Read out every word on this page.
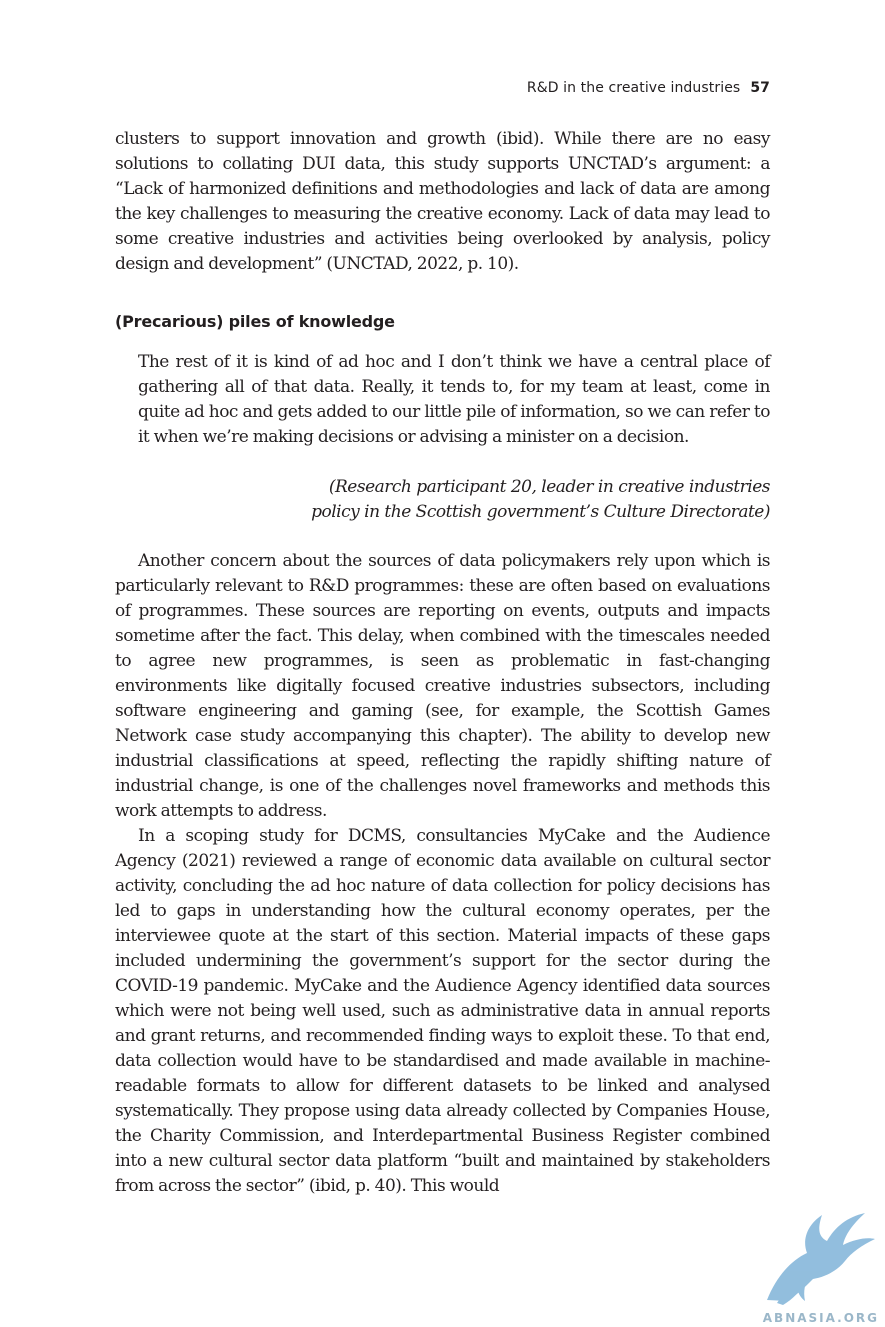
R&D in the creative industries 57

clusters to support innovation and growth (ibid). While there are no easy solutions to collating DUI data, this study supports UNCTAD’s argument: a “Lack of harmonized definitions and methodologies and lack of data are among the key challenges to measuring the creative economy. Lack of data may lead to some creative industries and activities being overlooked by analysis, policy design and development” (UNCTAD, 2022, p. 10).

(Precarious) piles of knowledge

The rest of it is kind of ad hoc and I don’t think we have a central place of gathering all of that data. Really, it tends to, for my team at least, come in quite ad hoc and gets added to our little pile of information, so we can refer to it when we’re making decisions or advising a minister on a decision.

(Research participant 20, leader in creative industries
policy in the Scottish government’s Culture Directorate)

Another concern about the sources of data policymakers rely upon which is particularly relevant to R&D programmes: these are often based on evaluations of programmes. These sources are reporting on events, outputs and impacts sometime after the fact. This delay, when combined with the timescales needed to agree new programmes, is seen as problematic in fast-changing environments like digitally focused creative industries subsectors, including software engineering and gaming (see, for example, the Scottish Games Network case study accompanying this chapter). The ability to develop new industrial classifications at speed, reflecting the rapidly shifting nature of industrial change, is one of the challenges novel frameworks and methods this work attempts to address.

In a scoping study for DCMS, consultancies MyCake and the Audience Agency (2021) reviewed a range of economic data available on cultural sector activity, concluding the ad hoc nature of data collection for policy decisions has led to gaps in understanding how the cultural economy operates, per the interviewee quote at the start of this section. Material impacts of these gaps included undermining the government’s support for the sector during the COVID-19 pandemic. MyCake and the Audience Agency identified data sources which were not being well used, such as administrative data in annual reports and grant returns, and recommended finding ways to exploit these. To that end, data collection would have to be standardised and made available in machine-readable formats to allow for different datasets to be linked and analysed systematically. They propose using data already collected by Companies House, the Charity Commission, and Interdepartmental Business Register combined into a new cultural sector data platform “built and maintained by stakeholders from across the sector” (ibid, p. 40). This would

ABNASIA.ORG
